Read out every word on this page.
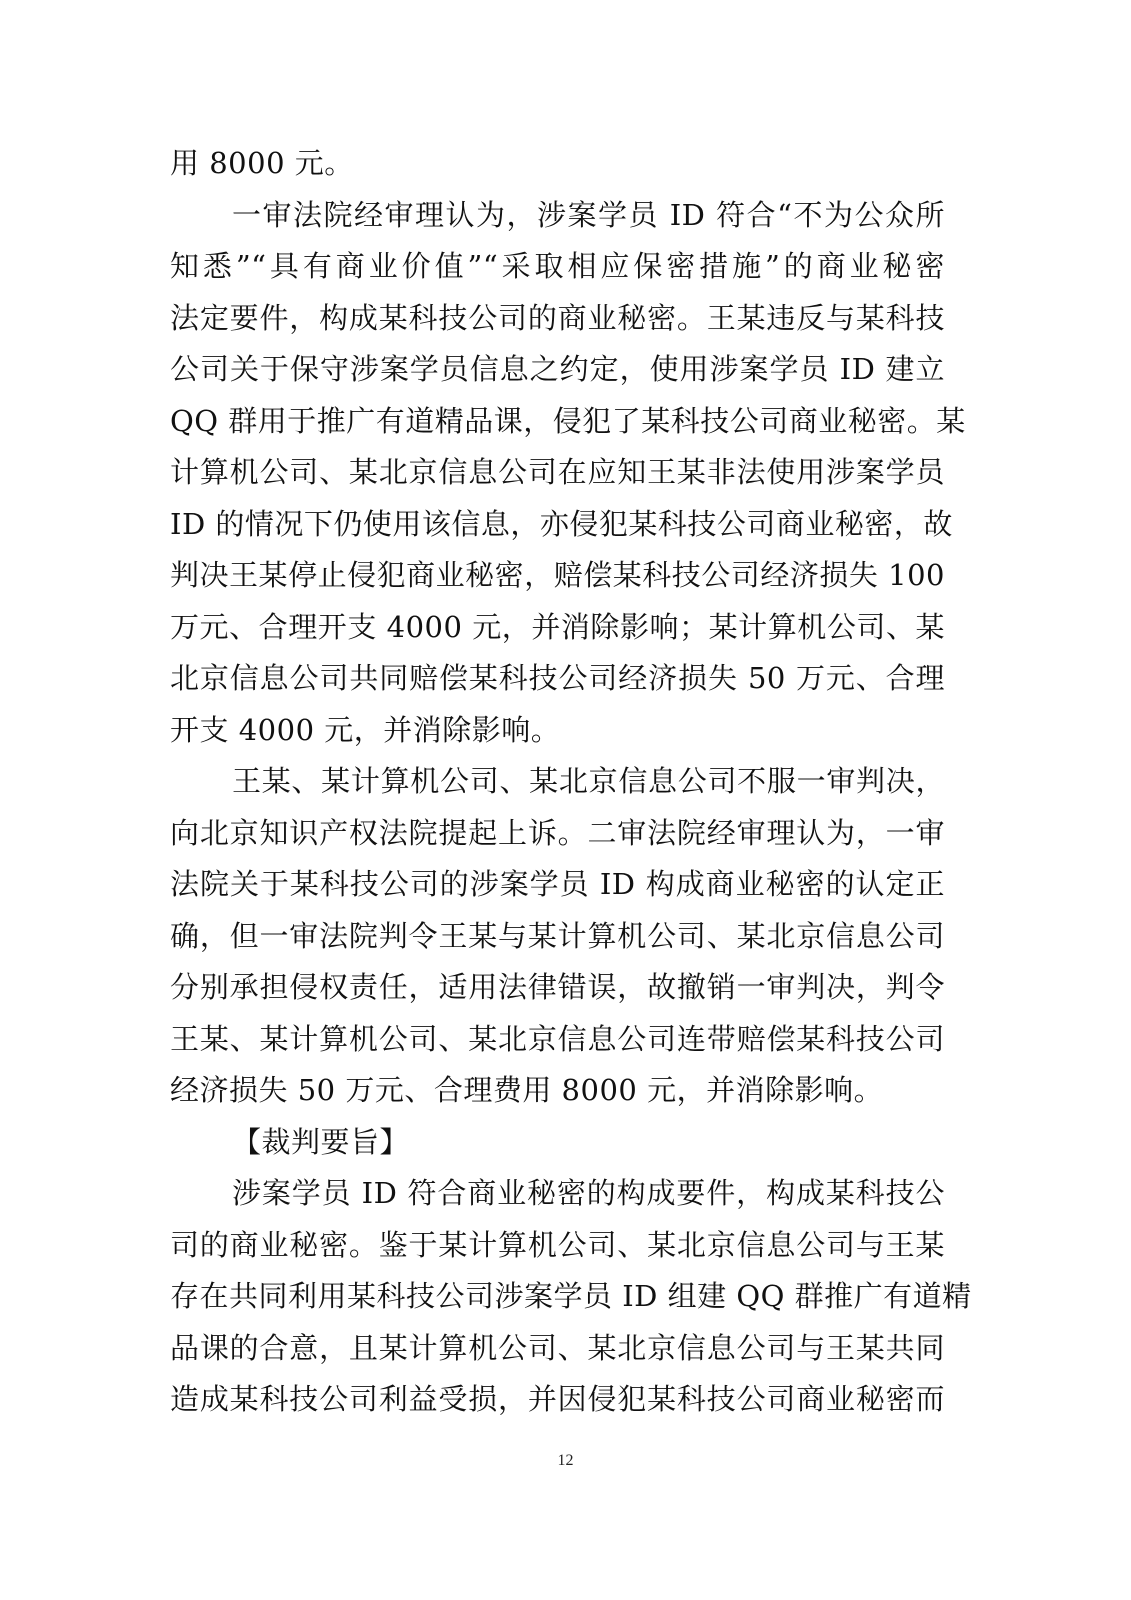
用 8000 元。
一审法院经审理认为，涉案学员 ID 符合“不为公众所
知悉”“具有商业价值”“采取相应保密措施”的商业秘密
法定要件，构成某科技公司的商业秘密。王某违反与某科技
公司关于保守涉案学员信息之约定，使用涉案学员 ID 建立
QQ 群用于推广有道精品课，侵犯了某科技公司商业秘密。某
计算机公司、某北京信息公司在应知王某非法使用涉案学员
ID 的情况下仍使用该信息，亦侵犯某科技公司商业秘密，故
判决王某停止侵犯商业秘密，赔偿某科技公司经济损失 100
万元、合理开支 4000 元，并消除影响；某计算机公司、某
北京信息公司共同赔偿某科技公司经济损失 50 万元、合理
开支 4000 元，并消除影响。
王某、某计算机公司、某北京信息公司不服一审判决，
向北京知识产权法院提起上诉。二审法院经审理认为，一审
法院关于某科技公司的涉案学员 ID 构成商业秘密的认定正
确，但一审法院判令王某与某计算机公司、某北京信息公司
分别承担侵权责任，适用法律错误，故撤销一审判决，判令
王某、某计算机公司、某北京信息公司连带赔偿某科技公司
经济损失 50 万元、合理费用 8000 元，并消除影响。
【裁判要旨】
涉案学员 ID 符合商业秘密的构成要件，构成某科技公
司的商业秘密。鉴于某计算机公司、某北京信息公司与王某
存在共同利用某科技公司涉案学员 ID 组建 QQ 群推广有道精
品课的合意，且某计算机公司、某北京信息公司与王某共同
造成某科技公司利益受损，并因侵犯某科技公司商业秘密而
12
